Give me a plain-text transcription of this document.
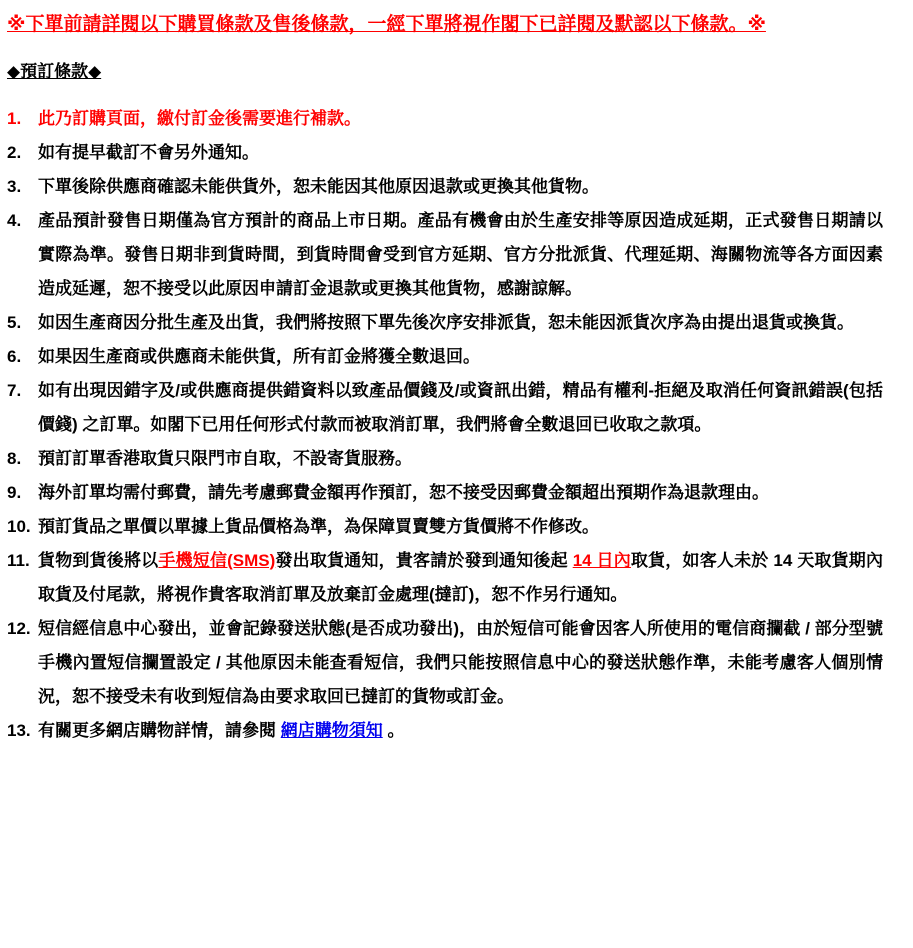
※下單前請詳閱以下購買條款及售後條款，一經下單將視作閣下已詳閱及默認以下條款。※
◆預訂條款◆
1. 此乃訂購頁面，繳付訂金後需要進行補款。
2. 如有提早截訂不會另外通知。
3. 下單後除供應商確認未能供貨外，恕未能因其他原因退款或更換其他貨物。
4. 產品預計發售日期僅為官方預計的商品上市日期。產品有機會由於生產安排等原因造成延期，正式發售日期請以實際為準。發售日期非到貨時間，到貨時間會受到官方延期、官方分批派貨、代理延期、海關物流等各方面因素造成延遲，恕不接受以此原因申請訂金退款或更換其他貨物，感謝諒解。
5. 如因生產商因分批生產及出貨，我們將按照下單先後次序安排派貨，恕未能因派貨次序為由提出退貨或換貨。
6. 如果因生產商或供應商未能供貨，所有訂金將獲全數退回。
7. 如有出現因錯字及/或供應商提供錯資料以致產品價錢及/或資訊出錯，精品有權利-拒絕及取消任何資訊錯誤(包括價錢) 之訂單。如閣下已用任何形式付款而被取消訂單，我們將會全數退回已收取之款項。
8. 預訂訂單香港取貨只限門市自取，不設寄貨服務。
9. 海外訂單均需付郵費，請先考慮郵費金額再作預訂，恕不接受因郵費金額超出預期作為退款理由。
10. 預訂貨品之單價以單據上貨品價格為準，為保障買賣雙方貨價將不作修改。
11. 貨物到貨後將以手機短信(SMS)發出取貨通知，貴客請於發到通知後起 14 日內取貨，如客人未於 14 天取貨期內取貨及付尾款，將視作貴客取消訂單及放棄訂金處理(撻訂)，恕不作另行通知。
12. 短信經信息中心發出，並會記錄發送狀態(是否成功發出)，由於短信可能會因客人所使用的電信商攔截 / 部分型號手機內置短信攔置設定 / 其他原因未能查看短信，我們只能按照信息中心的發送狀態作準，未能考慮客人個別情況，恕不接受未有收到短信為由要求取回已撻訂的貨物或訂金。
13. 有關更多網店購物詳情，請參閱 網店購物須知 。
